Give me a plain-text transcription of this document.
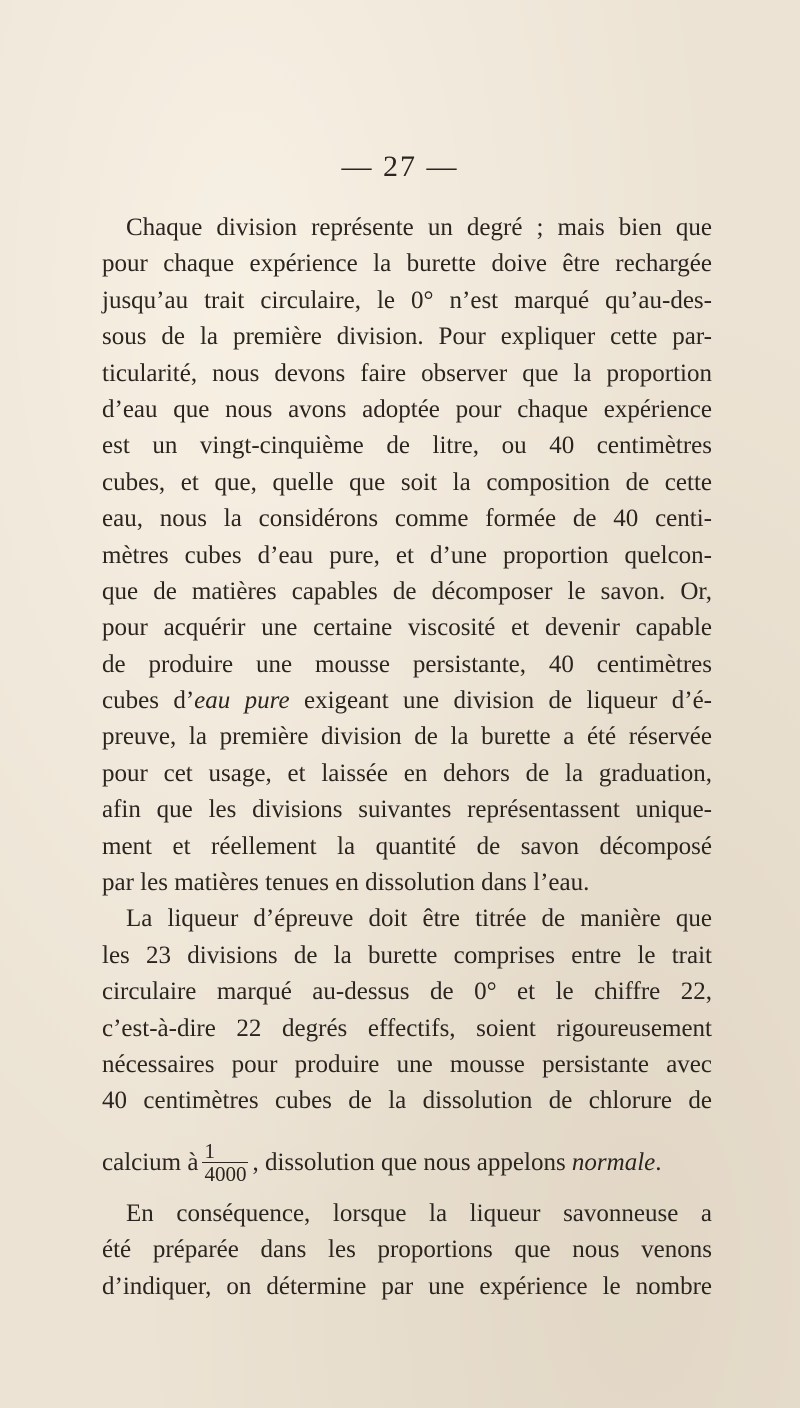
— 27 —
Chaque division représente un degré ; mais bien que
pour chaque expérience la burette doive être rechargée
jusqu’au trait circulaire, le 0° n’est marqué qu’au-des-
sous de la première division. Pour expliquer cette par-
ticularité, nous devons faire observer que la proportion
d’eau que nous avons adoptée pour chaque expérience
est un vingt-cinquième de litre, ou 40 centimètres
cubes, et que, quelle que soit la composition de cette
eau, nous la considérons comme formée de 40 centi-
mètres cubes d’eau pure, et d’une proportion quelcon-
que de matières capables de décomposer le savon. Or,
pour acquérir une certaine viscosité et devenir capable
de produire une mousse persistante, 40 centimètres
cubes d’eau pure exigeant une division de liqueur d’é-
preuve, la première division de la burette a été réservée
pour cet usage, et laissée en dehors de la graduation,
afin que les divisions suivantes représentassent unique-
ment et réellement la quantité de savon décomposé
par les matières tenues en dissolution dans l’eau.
La liqueur d’épreuve doit être titrée de manière que
les 23 divisions de la burette comprises entre le trait
circulaire marqué au-dessus de 0° et le chiffre 22,
c’est-à-dire 22 degrés effectifs, soient rigoureusement
nécessaires pour produire une mousse persistante avec
40 centimètres cubes de la dissolution de chlorure de
calcium à $\frac{1}{4000}$ , dissolution que nous appelons normale.
En conséquence, lorsque la liqueur savonneuse a
été préparée dans les proportions que nous venons
d’indiquer, on détermine par une expérience le nombre
